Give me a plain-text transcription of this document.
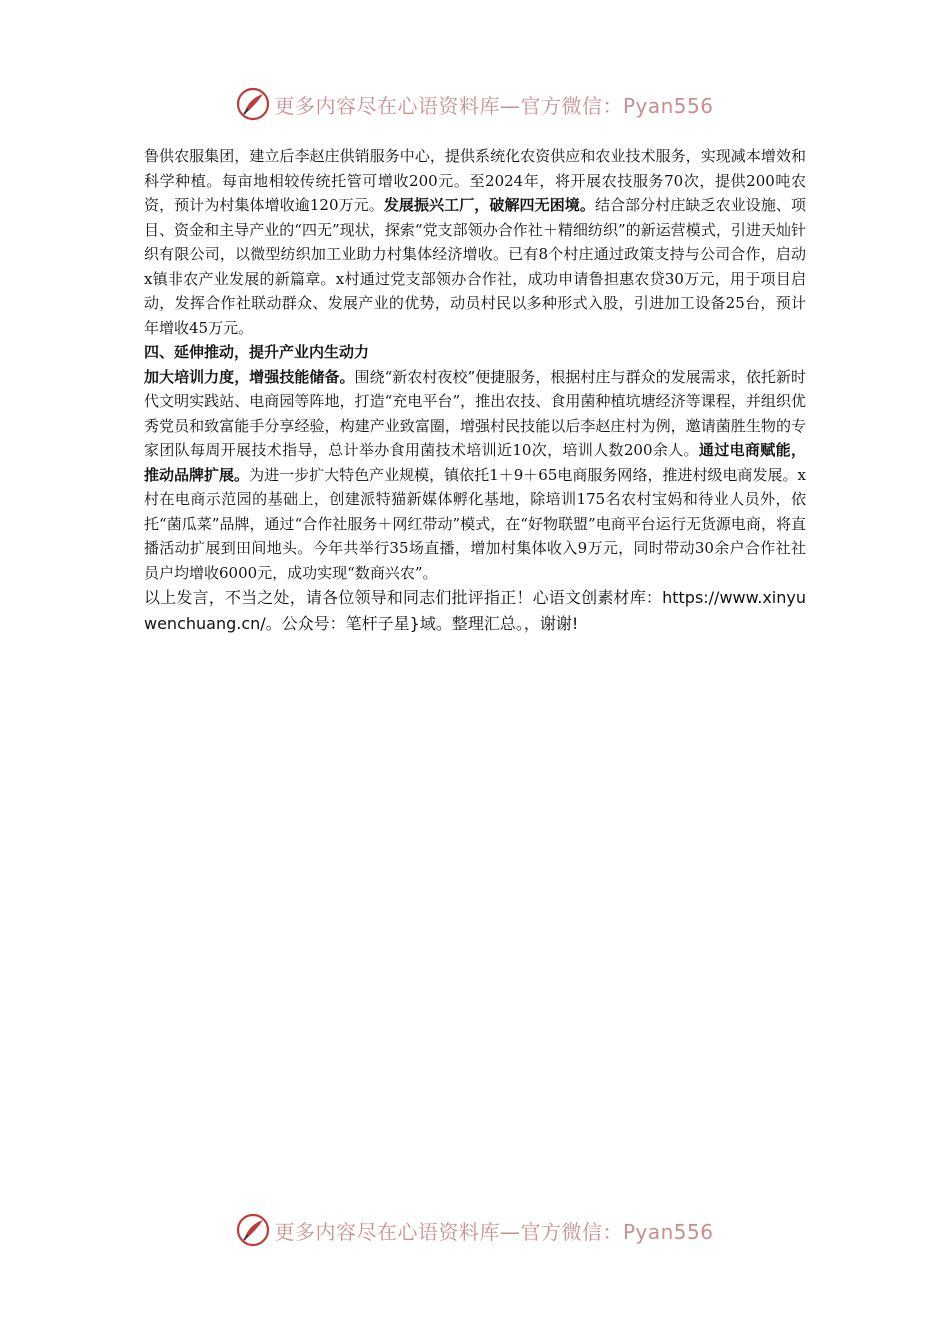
更多内容尽在心语资料库—官方微信：Pyan556

鲁供农服集团，建立后李赵庄供销服务中心，提供系统化农资供应和农业技术服务，实现减本增效和科学种植。每亩地相较传统托管可增收200元。至2024年，将开展农技服务70次，提供200吨农资，预计为村集体增收逾120万元。发展振兴工厂，破解四无困境。结合部分村庄缺乏农业设施、项目、资金和主导产业的“四无”现状，探索“党支部领办合作社＋精细纺织”的新运营模式，引进天灿针织有限公司，以微型纺织加工业助力村集体经济增收。已有8个村庄通过政策支持与公司合作，启动x镇非农产业发展的新篇章。x村通过党支部领办合作社，成功申请鲁担惠农贷30万元，用于项目启动，发挥合作社联动群众、发展产业的优势，动员村民以多种形式入股，引进加工设备25台，预计年增收45万元。

四、延伸推动，提升产业内生动力

加大培训力度，增强技能储备。围绕“新农村夜校”便捷服务，根据村庄与群众的发展需求，依托新时代文明实践站、电商园等阵地，打造“充电平台”，推出农技、食用菌种植坑塘经济等课程，并组织优秀党员和致富能手分享经验，构建产业致富圈，增强村民技能以后李赵庄村为例，邀请菌胜生物的专家团队每周开展技术指导，总计举办食用菌技术培训近10次，培训人数200余人。通过电商赋能，推动品牌扩展。为进一步扩大特色产业规模，镇依托1＋9＋65电商服务网络，推进村级电商发展。x村在电商示范园的基础上，创建派特猫新媒体孵化基地，除培训175名农村宝妈和待业人员外，依托“菌瓜菜”品牌，通过“合作社服务＋网红带动”模式，在“好物联盟”电商平台运行无货源电商，将直播活动扩展到田间地头。今年共举行35场直播，增加村集体收入9万元，同时带动30余户合作社社员户均增收6000元，成功实现“数商兴农”。

以上发言，不当之处，请各位领导和同志们批评指正！心语文创素材库：https://www.xinyuwenchuang.cn/。公众号：笔杆子星}域。整理汇总。，谢谢!

更多内容尽在心语资料库—官方微信：Pyan556
